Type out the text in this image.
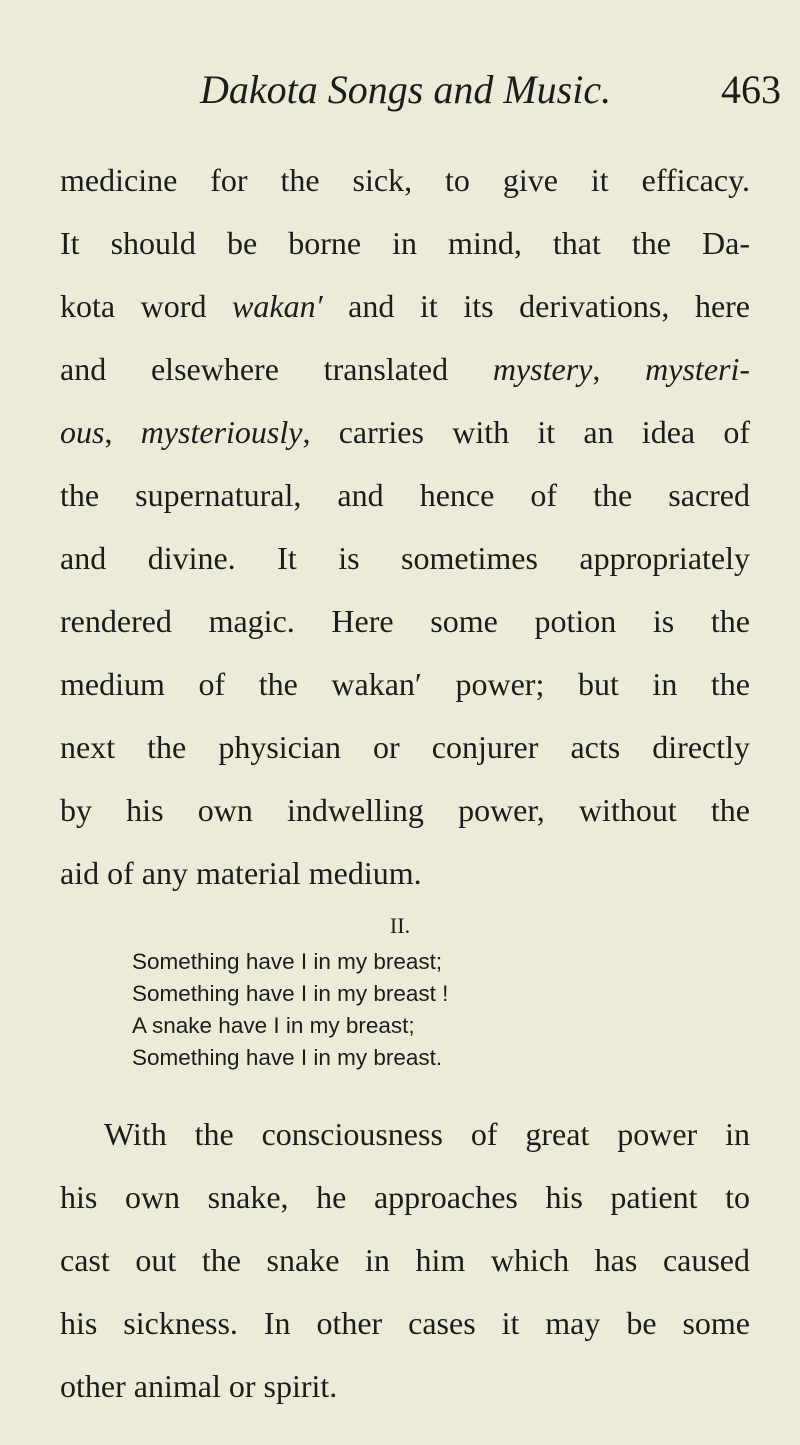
Dakota Songs and Music.	463
medicine for the sick, to give it efficacy.
It should be borne in mind, that the Da-
kota word wakan′ and it its derivations, here
and elsewhere translated mystery, mysteri-
ous, mysteriously, carries with it an idea of
the supernatural, and hence of the sacred
and divine. It is sometimes appropriately
rendered magic. Here some potion is the
medium of the wakan′ power; but in the
next the physician or conjurer acts directly
by his own indwelling power, without the
aid of any material medium.
II.
Something have I in my breast;
Something have I in my breast !
A snake have I in my breast;
Something have I in my breast.
With the consciousness of great power in
his own snake, he approaches his patient to
cast out the snake in him which has caused
his sickness. In other cases it may be some
other animal or spirit.
